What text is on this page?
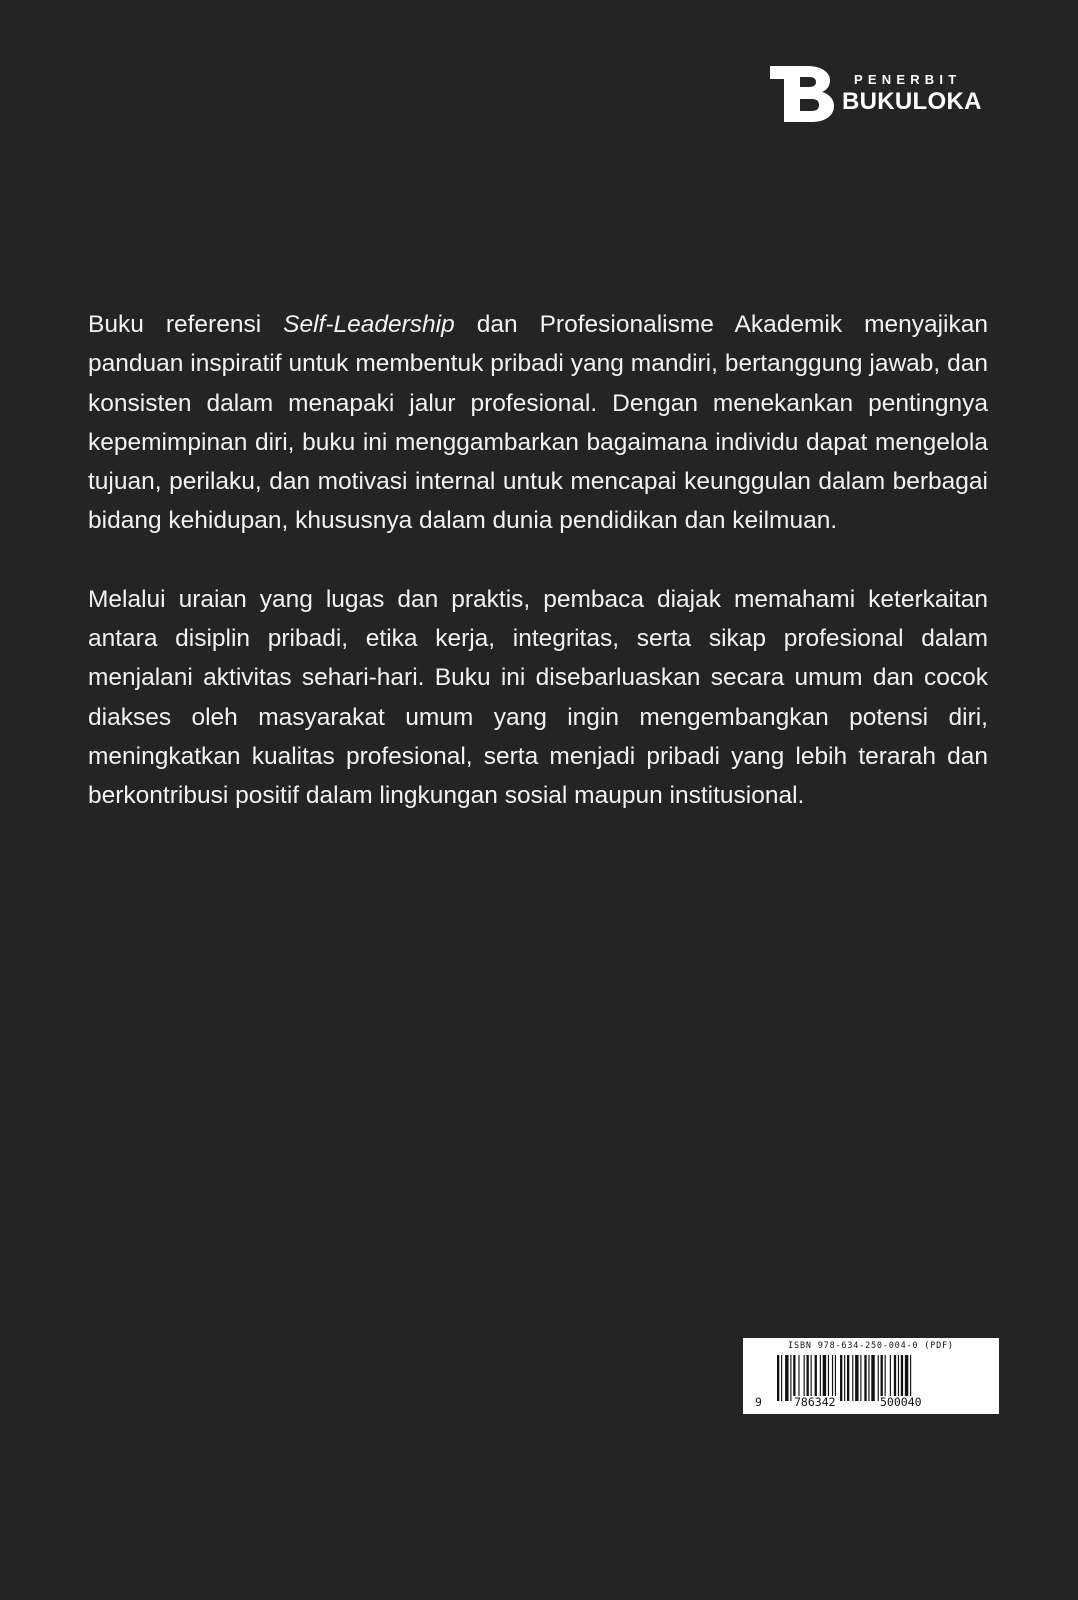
PENERBIT
BUKULOKA

Buku referensi Self-Leadership dan Profesionalisme Akademik menyajikan panduan inspiratif untuk membentuk pribadi yang mandiri, bertanggung jawab, dan konsisten dalam menapaki jalur profesional. Dengan menekankan pentingnya kepemimpinan diri, buku ini menggambarkan bagaimana individu dapat mengelola tujuan, perilaku, dan motivasi internal untuk mencapai keunggulan dalam berbagai bidang kehidupan, khususnya dalam dunia pendidikan dan keilmuan.

Melalui uraian yang lugas dan praktis, pembaca diajak memahami keterkaitan antara disiplin pribadi, etika kerja, integritas, serta sikap profesional dalam menjalani aktivitas sehari-hari. Buku ini disebarluaskan secara umum dan cocok diakses oleh masyarakat umum yang ingin mengembangkan potensi diri, meningkatkan kualitas profesional, serta menjadi pribadi yang lebih terarah dan berkontribusi positif dalam lingkungan sosial maupun institusional.

ISBN 978-634-250-004-0 (PDF)
9	786342	500040
